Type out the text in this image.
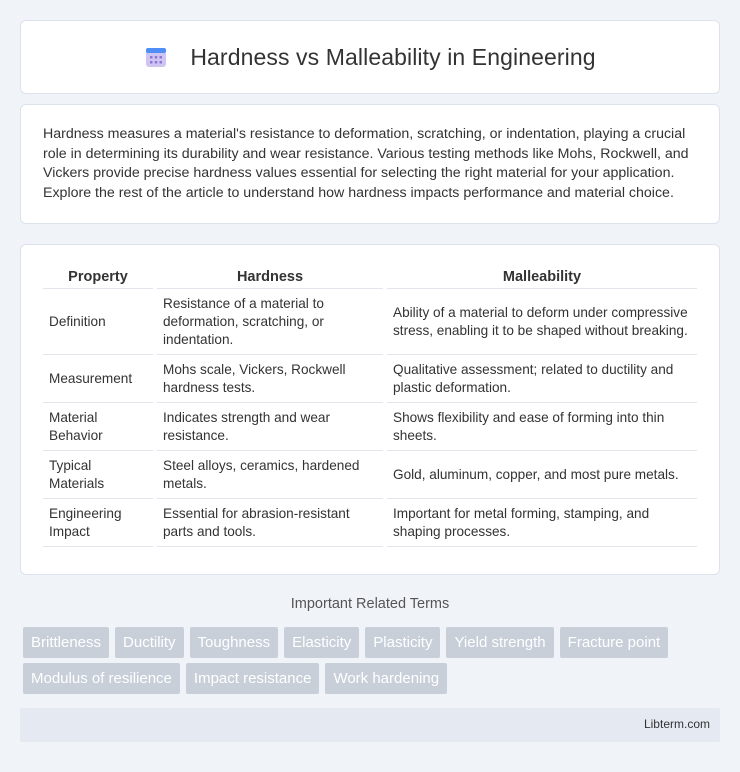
Hardness vs Malleability in Engineering

Hardness measures a material's resistance to deformation, scratching, or indentation, playing a crucial role in determining its durability and wear resistance. Various testing methods like Mohs, Rockwell, and Vickers provide precise hardness values essential for selecting the right material for your application. Explore the rest of the article to understand how hardness impacts performance and material choice.

Property	Hardness	Malleability
Definition	Resistance of a material to deformation, scratching, or indentation.	Ability of a material to deform under compressive stress, enabling it to be shaped without breaking.
Measurement	Mohs scale, Vickers, Rockwell hardness tests.	Qualitative assessment; related to ductility and plastic deformation.
Material Behavior	Indicates strength and wear resistance.	Shows flexibility and ease of forming into thin sheets.
Typical Materials	Steel alloys, ceramics, hardened metals.	Gold, aluminum, copper, and most pure metals.
Engineering Impact	Essential for abrasion-resistant parts and tools.	Important for metal forming, stamping, and shaping processes.
Important Related Terms
Brittleness	Ductility	Toughness	Elasticity	Plasticity	Yield strength	Fracture point
Modulus of resilience	Impact resistance	Work hardening
Libterm.com
